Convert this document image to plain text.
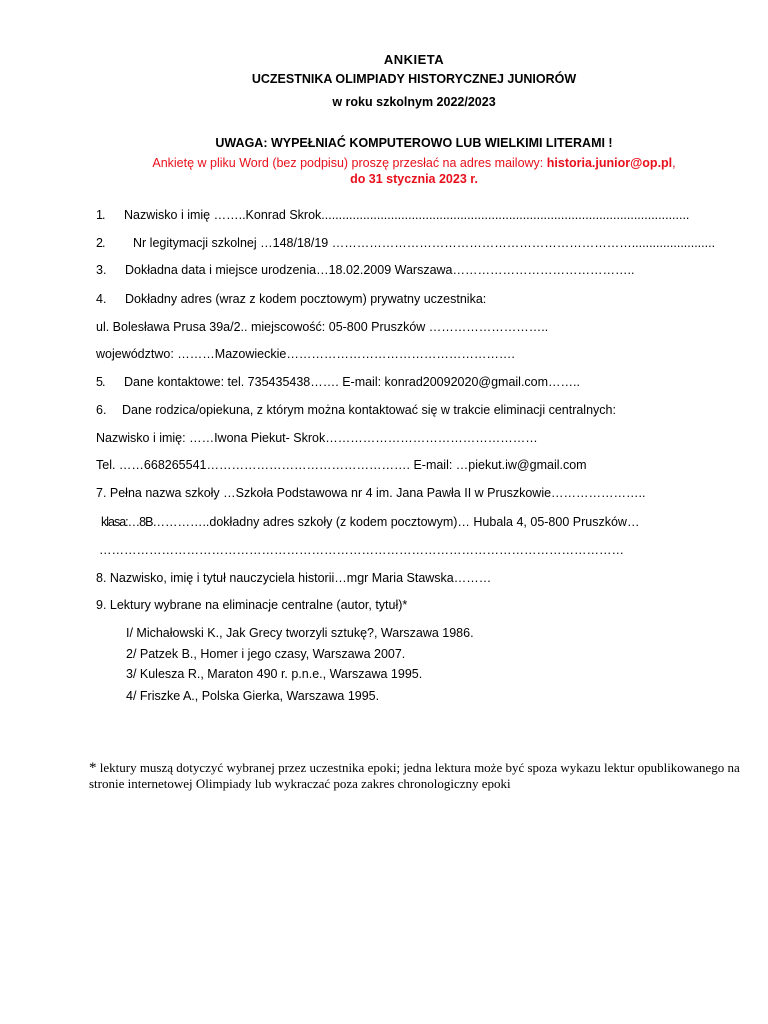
ANKIETA
UCZESTNIKA OLIMPIADY HISTORYCZNEJ JUNIORÓW
w roku szkolnym 2022/2023
UWAGA: WYPEŁNIAĆ KOMPUTEROWO LUB WIELKIMI LITERAMI !
Ankietę w pliku Word (bez podpisu) proszę przesłać na adres mailowy: historia.junior@op.pl,
do 31 stycznia 2023 r.
1. Nazwisko i imię ……..Konrad Skrok..........................................................................................................
2. Nr legitymacji szkolnej …148/18/19 ………………………………………………………………........................
3. Dokładna data i miejsce urodzenia…18.02.2009 Warszawa……………………………………..
4. Dokładny adres (wraz z kodem pocztowym) prywatny uczestnika:
ul. Bolesława Prusa 39a/2.. miejscowość: 05-800 Pruszków ………………………..
województwo: ………Mazowieckie……………………………………………….
5. Dane kontaktowe: tel. 735435438……. E-mail: konrad20092020@gmail.com……..
6. Dane rodzica/opiekuna, z którym można kontaktować się w trakcie eliminacji centralnych:
Nazwisko i imię: ……Iwona Piekut- Skrok……………………………………………
Tel. ……668265541…………………………………………. E-mail: …piekut.iw@gmail.com
7. Pełna nazwa szkoły …Szkoła Podstawowa nr 4 im. Jana Pawła II w Pruszkowie…………………..
klasa:…8B…………..dokładny adres szkoły (z kodem pocztowym)… Hubala 4, 05-800 Pruszków…
………………………………………………………………………………………………………………
8. Nazwisko, imię i tytuł nauczyciela historii…mgr Maria Stawska………
9. Lektury wybrane na eliminacje centralne (autor, tytuł)*
I/ Michałowski K., Jak Grecy tworzyli sztukę?, Warszawa 1986.
2/ Patzek B., Homer i jego czasy, Warszawa 2007.
3/ Kulesza R., Maraton 490 r. p.n.e., Warszawa 1995.
4/ Friszke A., Polska Gierka, Warszawa 1995.
* lektury muszą dotyczyć wybranej przez uczestnika epoki; jedna lektura może być spoza wykazu lektur opublikowanego na stronie internetowej Olimpiady lub wykraczać poza zakres chronologiczny epoki
